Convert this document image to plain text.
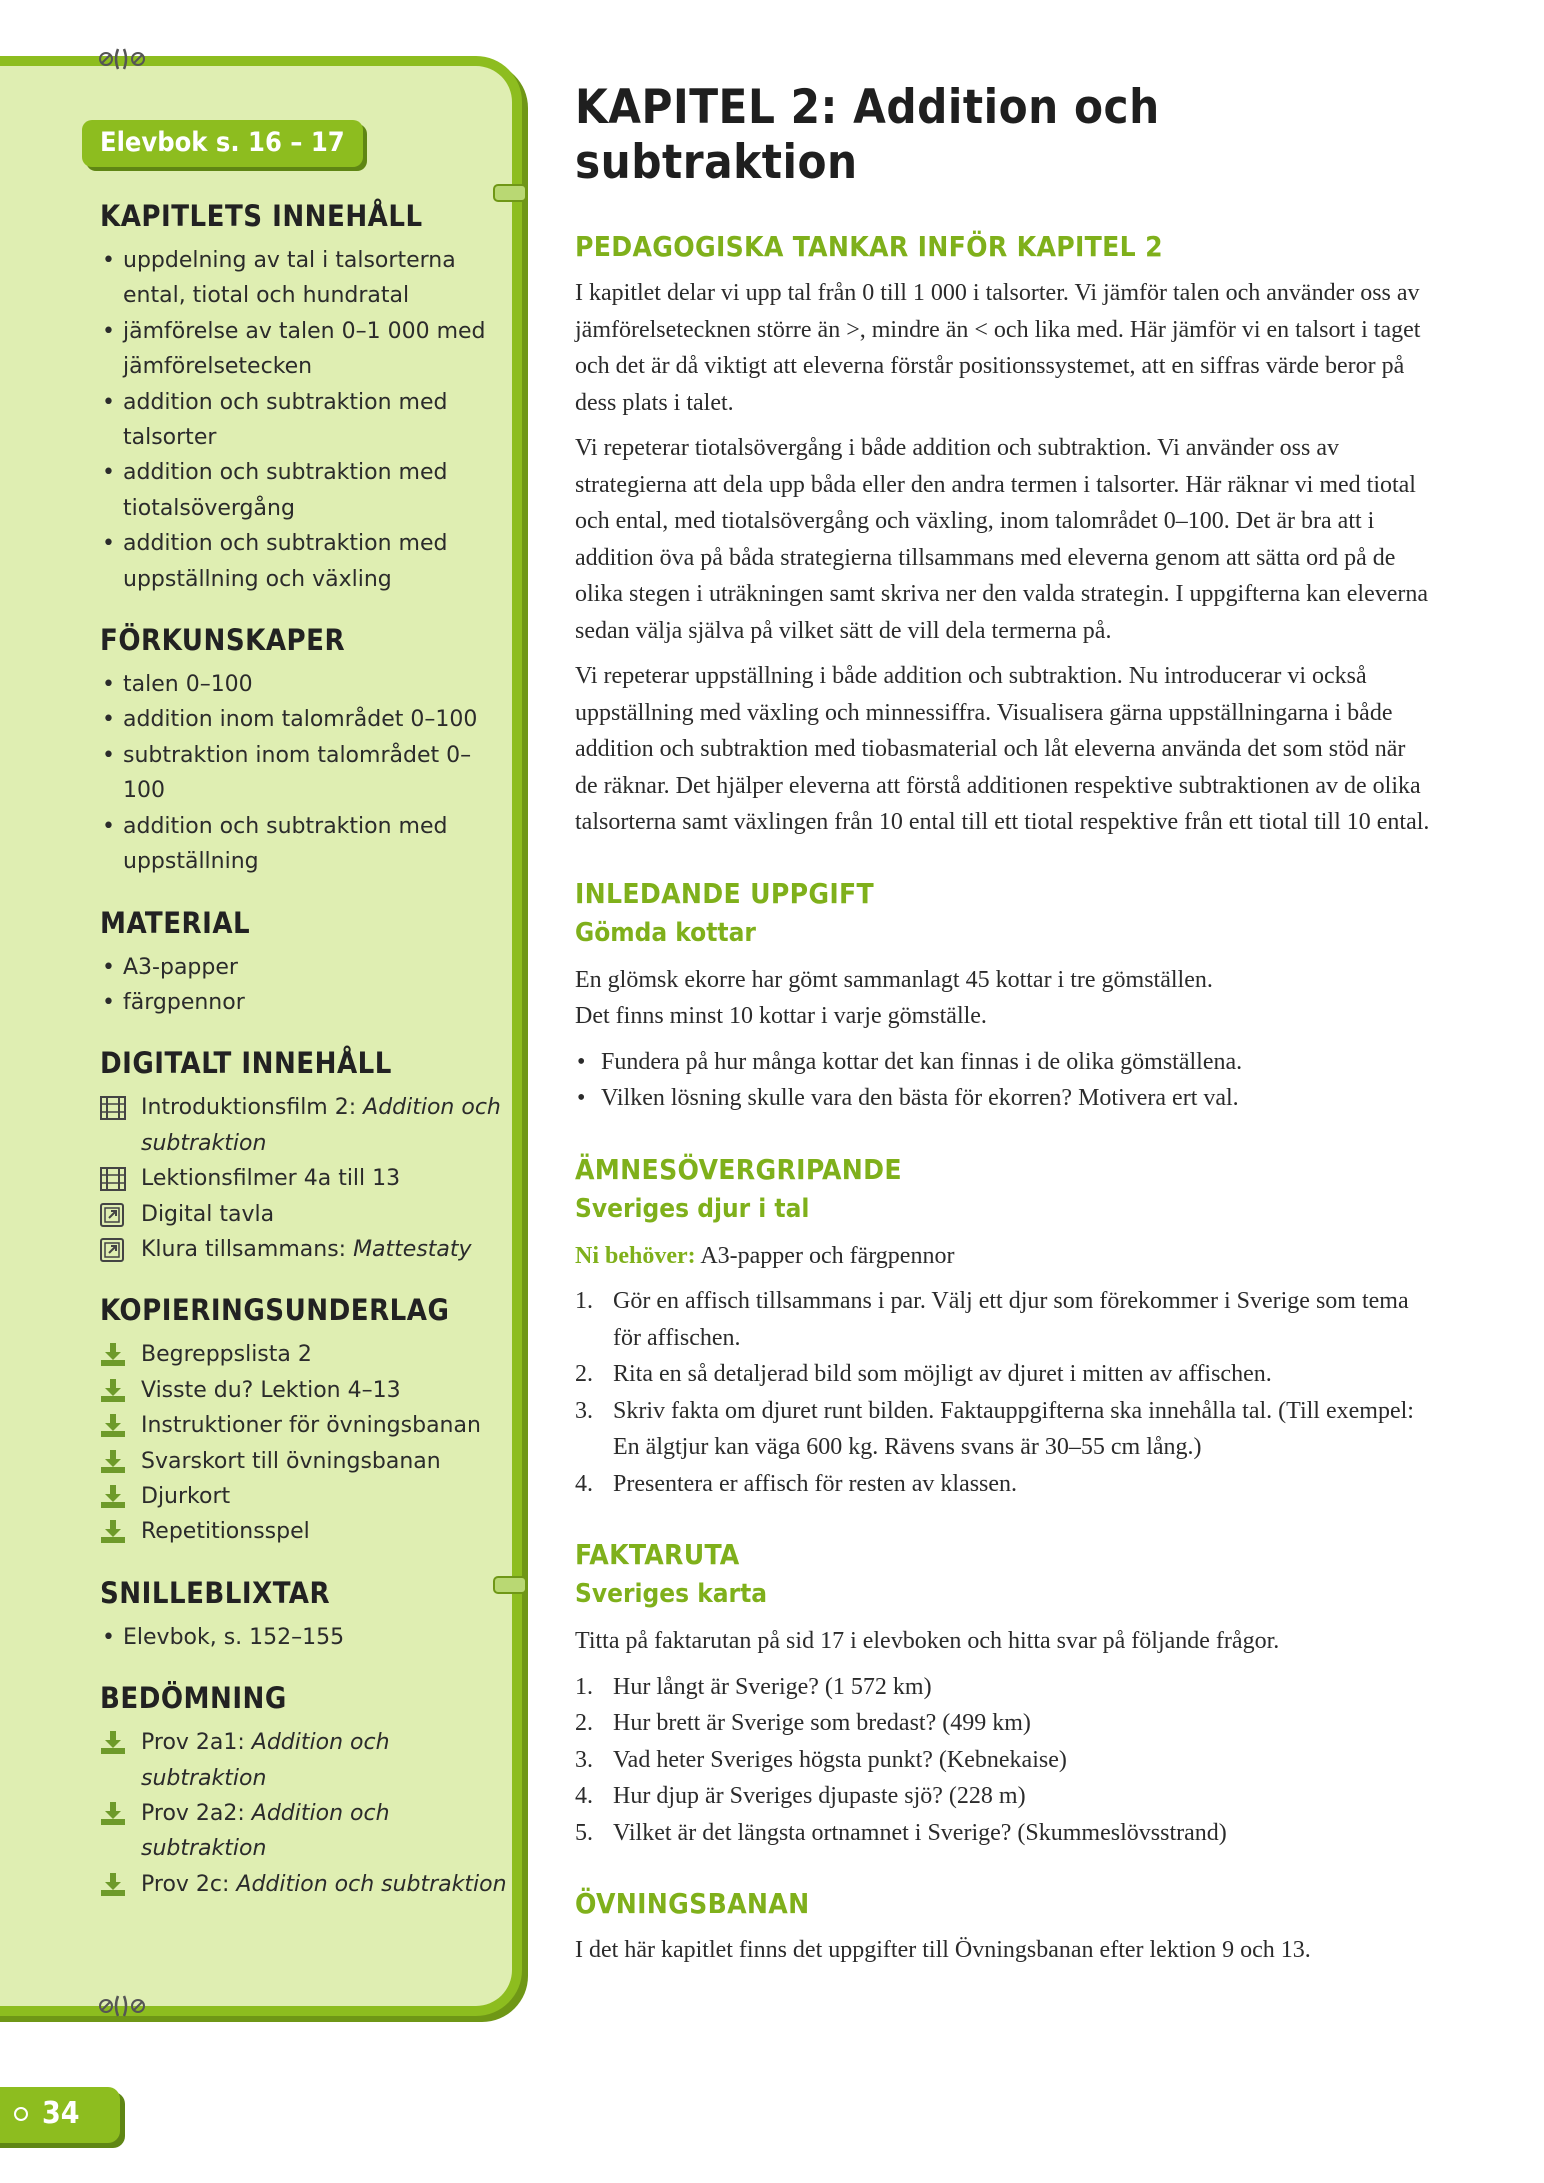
Elevbok s. 16 – 17
KAPITLETS INNEHÅLL
• uppdelning av tal i talsorterna ental, tiotal och hundratal
• jämförelse av talen 0–1 000 med jämförelsetecken
• addition och subtraktion med talsorter
• addition och subtraktion med tiotalsövergång
• addition och subtraktion med uppställning och växling
FÖRKUNSKAPER
• talen 0–100
• addition inom talområdet 0–100
• subtraktion inom talområdet 0–100
• addition och subtraktion med uppställning
MATERIAL
• A3-papper
• färgpennor
DIGITALT INNEHÅLL
Introduktionsfilm 2: Addition och subtraktion
Lektionsfilmer 4a till 13
Digital tavla
Klura tillsammans: Mattestaty
KOPIERINGSUNDERLAG
Begreppslista 2
Visste du? Lektion 4–13
Instruktioner för övningsbanan
Svarskort till övningsbanan
Djurkort
Repetitionsspel
SNILLEBLIXTAR
• Elevbok, s. 152–155
BEDÖMNING
Prov 2a1: Addition och subtraktion
Prov 2a2: Addition och subtraktion
Prov 2c: Addition och subtraktion
KAPITEL 2: Addition och subtraktion
PEDAGOGISKA TANKAR INFÖR KAPITEL 2

I kapitlet delar vi upp tal från 0 till 1 000 i talsorter. Vi jämför talen och använder oss av jämförelsetecknen större än >, mindre än < och lika med. Här jämför vi en talsort i taget och det är då viktigt att eleverna förstår positionssystemet, att en siffras värde beror på dess plats i talet.

Vi repeterar tiotalsövergång i både addition och subtraktion. Vi använder oss av strategierna att dela upp båda eller den andra termen i talsorter. Här räknar vi med tiotal och ental, med tiotalsövergång och växling, inom talområdet 0–100. Det är bra att i addition öva på båda strategierna tillsammans med eleverna genom att sätta ord på de olika stegen i uträkningen samt skriva ner den valda strategin. I uppgifterna kan eleverna sedan välja själva på vilket sätt de vill dela termerna på.

Vi repeterar uppställning i både addition och subtraktion. Nu introducerar vi också uppställning med växling och minnessiffra. Visualisera gärna uppställningarna i både addition och subtraktion med tiobasmaterial och låt eleverna använda det som stöd när de räknar. Det hjälper eleverna att förstå additionen respektive subtraktionen av de olika talsorterna samt växlingen från 10 ental till ett tiotal respektive från ett tiotal till 10 ental.

INLEDANDE UPPGIFT
Gömda kottar
En glömsk ekorre har gömt sammanlagt 45 kottar i tre gömställen.
Det finns minst 10 kottar i varje gömställe.
• Fundera på hur många kottar det kan finnas i de olika gömställena.
• Vilken lösning skulle vara den bästa för ekorren? Motivera ert val.
ÄMNESÖVERGRIPANDE
Sveriges djur i tal

Ni behöver: A3-papper och färgpennor

1. Gör en affisch tillsammans i par. Välj ett djur som förekommer i Sverige som tema för affischen.
2. Rita en så detaljerad bild som möjligt av djuret i mitten av affischen.
3. Skriv fakta om djuret runt bilden. Faktauppgifterna ska innehålla tal. (Till exempel: En älgtjur kan väga 600 kg. Rävens svans är 30–55 cm lång.)
4. Presentera er affisch för resten av klassen.
FAKTARUTA
Sveriges karta

Titta på faktarutan på sid 17 i elevboken och hitta svar på följande frågor.

1. Hur långt är Sverige? (1 572 km)
2. Hur brett är Sverige som bredast? (499 km)
3. Vad heter Sveriges högsta punkt? (Kebnekaise)
4. Hur djup är Sveriges djupaste sjö? (228 m)
5. Vilket är det längsta ortnamnet i Sverige? (Skummeslövsstrand)
ÖVNINGSBANAN

I det här kapitlet finns det uppgifter till Övningsbanan efter lektion 9 och 13.

34
